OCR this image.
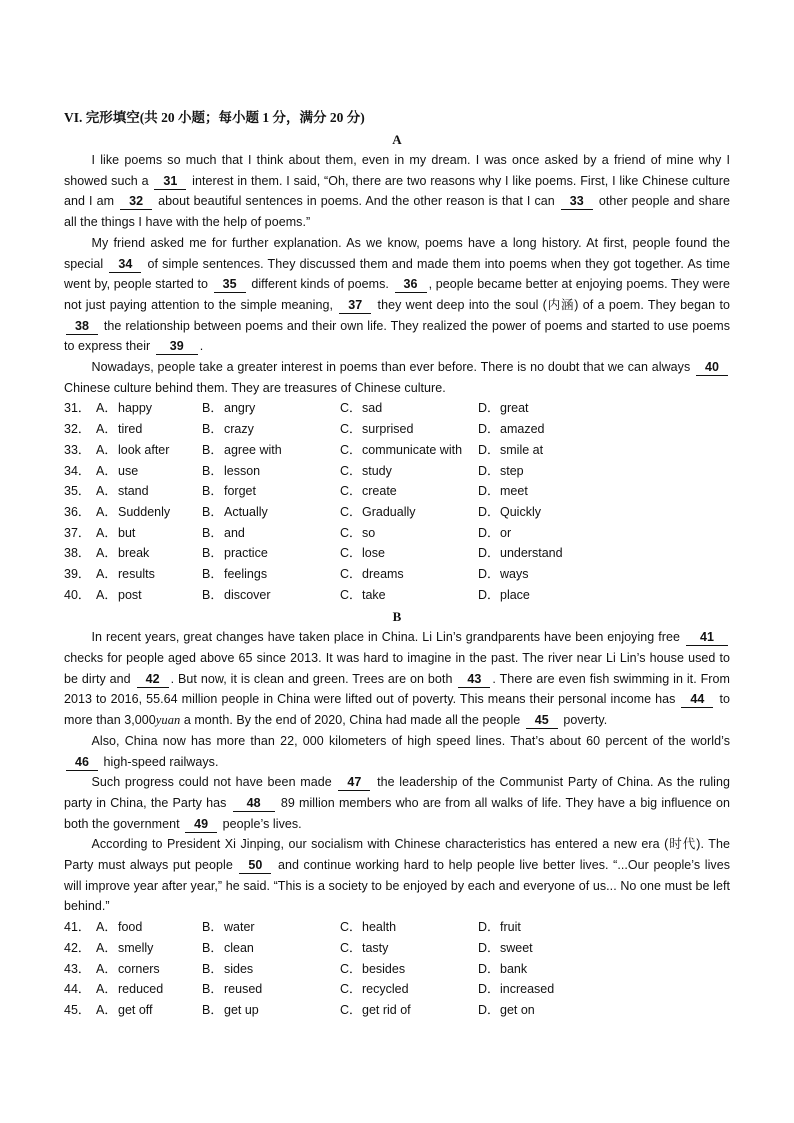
VI. 完形填空(共 20 小题；每小题 1 分，满分 20 分)
A

I like poems so much that I think about them, even in my dream. I was once asked by a friend of mine why I showed such a 31 interest in them. I said, “Oh, there are two reasons why I like poems. First, I like Chinese culture and I am 32 about beautiful sentences in poems. And the other reason is that I can 33 other people and share all the things I have with the help of poems.”

My friend asked me for further explanation. As we know, poems have a long history. At first, people found the special 34 of simple sentences. They discussed them and made them into poems when they got together. As time went by, people started to 35 different kinds of poems. 36 , people became better at enjoying poems. They were not just paying attention to the simple meaning, 37 they went deep into the soul (内涵) of a poem. They began to 38 the relationship between poems and their own life. They realized the power of poems and started to use poems to express their 39 .

Nowadays, people take a greater interest in poems than ever before. There is no doubt that we can always 40 Chinese culture behind them. They are treasures of Chinese culture.

31． A．happy	B．angry	C．sad	D．great
32． A．tired	B．crazy	C．surprised	D．amazed
33． A．look after	B．agree with	C．communicate with	D．smile at
34． A．use	B．lesson	C．study	D．step
35． A．stand	B．forget	C．create	D．meet
36． A．Suddenly	B．Actually	C．Gradually	D．Quickly
37． A．but	B．and	C．so	D．or
38． A．break	B．practice	C．lose	D．understand
39． A．results	B．feelings	C．dreams	D．ways
40． A．post	B．discover	C．take	D．place
B

In recent years, great changes have taken place in China. Li Lin’s grandparents have been enjoying free 41 checks for people aged above 65 since 2013. It was hard to imagine in the past. The river near Li Lin’s house used to be dirty and 42 . But now, it is clean and green. Trees are on both 43 . There are even fish swimming in it. From 2013 to 2016, 55.64 million people in China were lifted out of poverty. This means their personal income has 44 to more than 3,000yuan a month. By the end of 2020, China had made all the people 45 poverty.

Also, China now has more than 22, 000 kilometers of high speed lines. That’s about 60 percent of the world’s 46 high-speed railways.

Such progress could not have been made 47 the leadership of the Communist Party of China. As the ruling party in China, the Party has 48 89 million members who are from all walks of life. They have a big influence on both the government 49 people’s lives.

According to President Xi Jinping, our socialism with Chinese characteristics has entered a new era (时代). The Party must always put people 50 and continue working hard to help people live better lives. “...Our people’s lives will improve year after year,” he said. “This is a society to be enjoyed by each and everyone of us... No one must be left behind.”

41． A．food	B．water	C．health	D．fruit
42． A．smelly	B．clean	C．tasty	D．sweet
43． A．corners	B．sides	C．besides	D．bank
44． A．reduced	B．reused	C．recycled	D．increased
45． A．get off	B．get up	C．get rid of	D．get on
